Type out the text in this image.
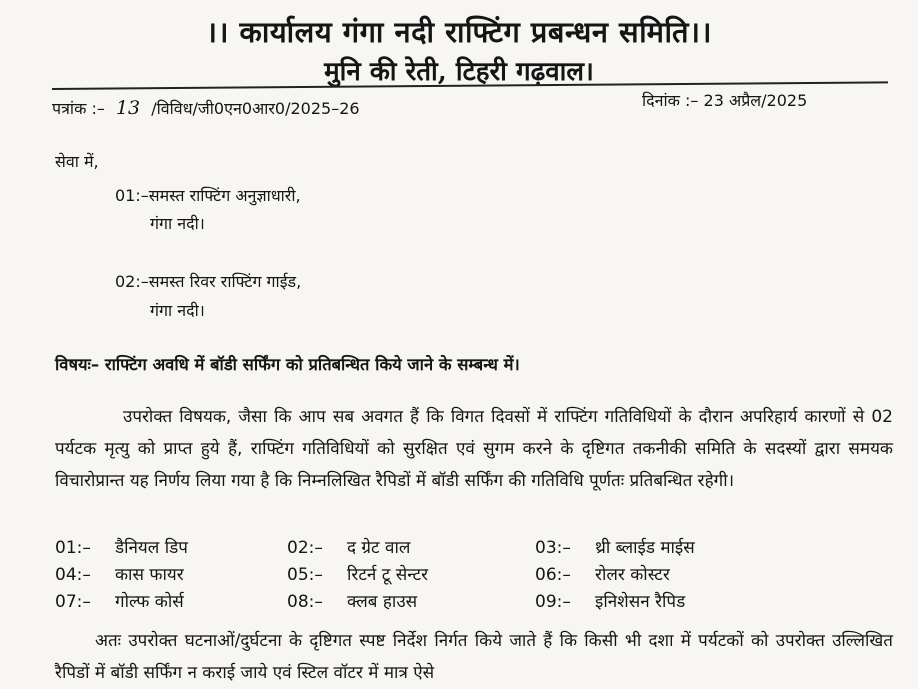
।। कार्यालय गंगा नदी राफ्टिंग प्रबन्धन समिति।।
मुनि की रेती, टिहरी गढ़वाल।
पत्रांक :– 13 /विविध/जी0एन0आर0/2025–26	दिनांक :– 23 अप्रैल/2025
सेवा में,
01:–समस्त राफ्टिंग अनुज्ञाधारी,
गंगा नदी।
02:–समस्त रिवर राफ्टिंग गाईड,
गंगा नदी।
विषयः– राफ्टिंग अवधि में बॉडी सर्फिंग को प्रतिबन्धित किये जाने के सम्बन्ध में।
उपरोक्त विषयक, जैसा कि आप सब अवगत हैं कि विगत दिवसों में राफ्टिंग गतिविधियों के दौरान अपरिहार्य कारणों से 02 पर्यटक मृत्यु को प्राप्त हुये हैं, राफ्टिंग गतिविधियों को सुरक्षित एवं सुगम करने के दृष्टिगत तकनीकी समिति के सदस्यों द्वारा समयक विचारोप्रान्त यह निर्णय लिया गया है कि निम्नलिखित रैपिडों में बॉडी सर्फिंग की गतिविधि पूर्णतः प्रतिबन्धित रहेगी।
01:– डैनियल डिप	02:– द ग्रेट वाल	03:– थ्री ब्लाईड माईस
04:– कास फायर	05:– रिटर्न टू सेन्टर	06:– रोलर कोस्टर
07:– गोल्फ कोर्स	08:– क्लब हाउस	09:– इनिशेसन रैपिड
अतः उपरोक्त घटनाओं/दुर्घटना के दृष्टिगत स्पष्ट निर्देश निर्गत किये जाते हैं कि किसी भी दशा में पर्यटकों को उपरोक्त उल्लिखित रैपिडों में बॉडी सर्फिंग न कराई जाये एवं स्टिल वॉटर में मात्र ऐसे
